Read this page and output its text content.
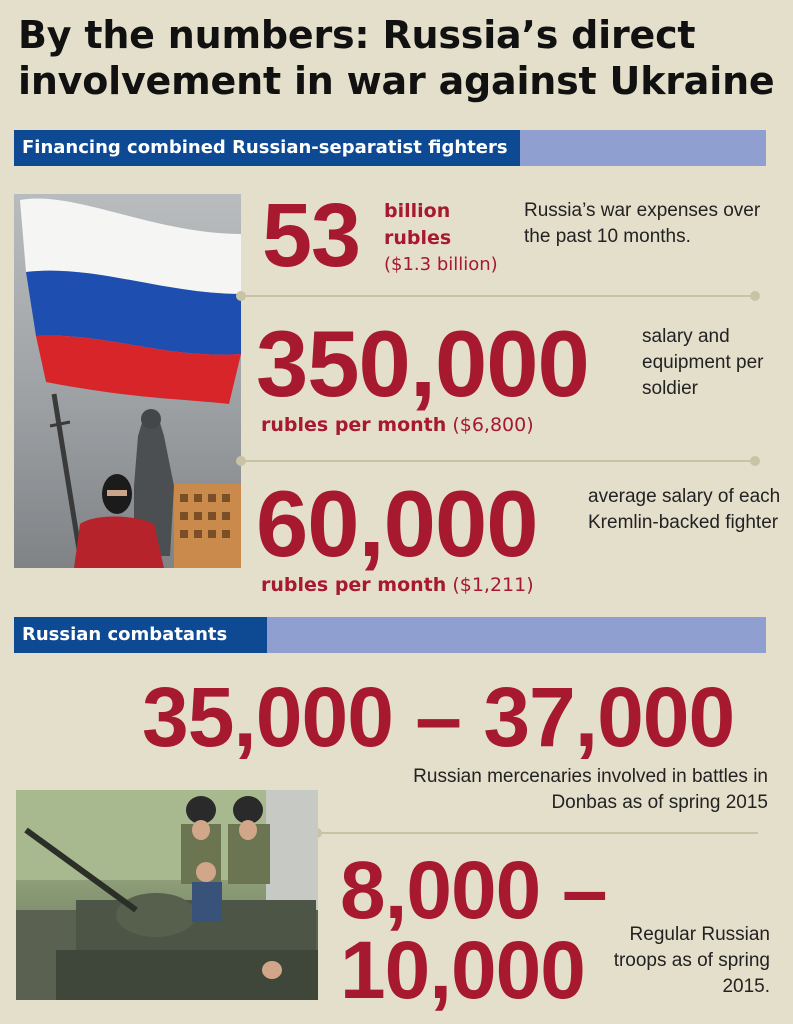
By the numbers: Russia’s direct involvement in war against Ukraine
Financing combined Russian-separatist fighters
53 billion
rubles
($1.3 billion)
Russia’s war expenses over the past 10 months.
350,000
rubles per month ($6,800)
salary and equipment per soldier
60,000
rubles per month ($1,211)
average salary of each Kremlin-backed fighter
Russian combatants
35,000 – 37,000
Russian mercenaries involved in battles in Donbas as of spring 2015
8,000 –
10,000	Regular Russian troops as of spring 2015.
